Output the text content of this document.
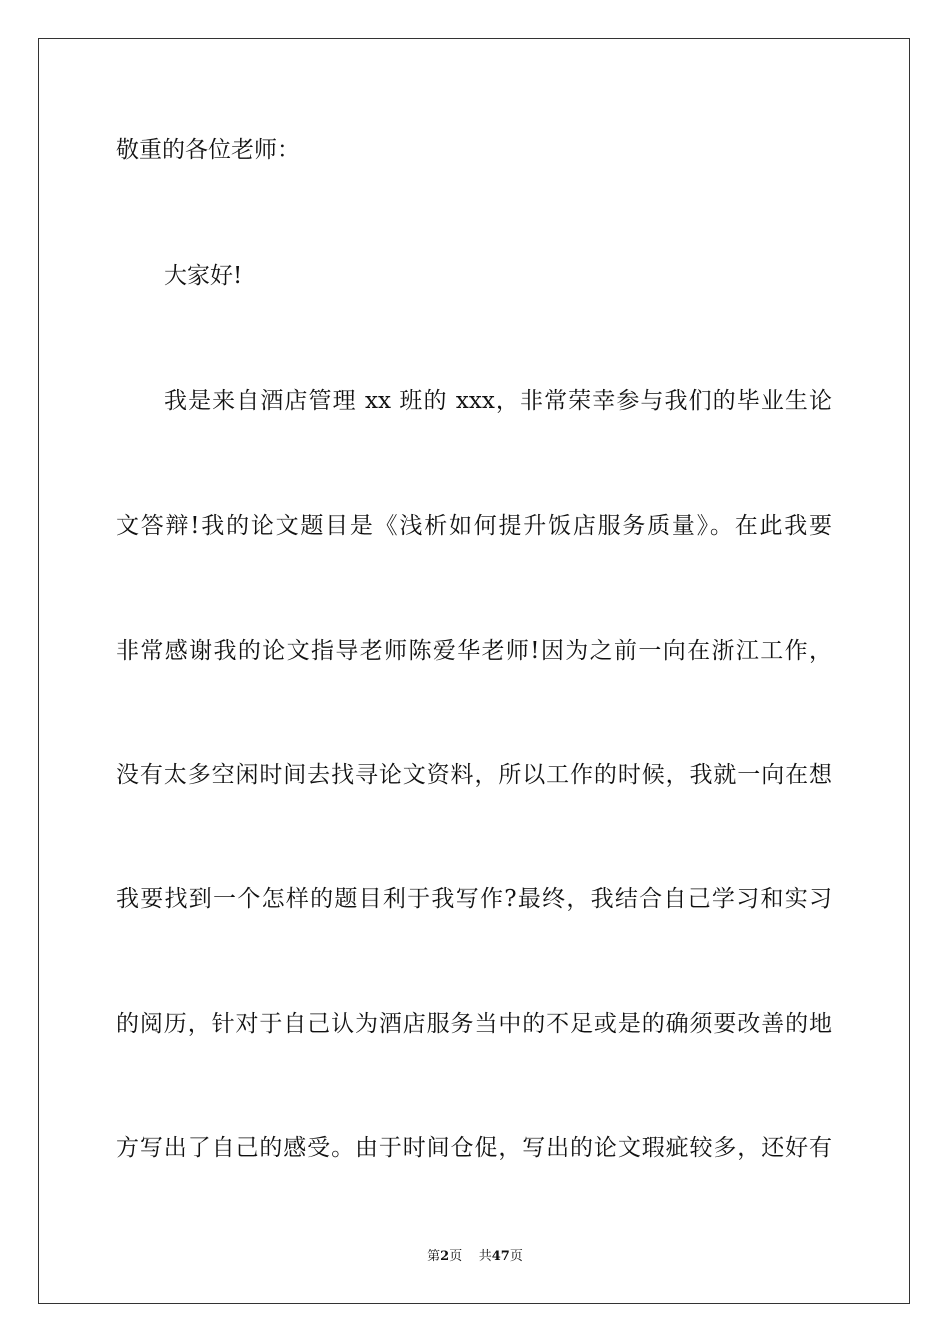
敬重的各位老师：
大家好!
我是来自酒店管理 xx 班的 xxx，非常荣幸参与我们的毕业生论
文答辩!我的论文题目是《浅析如何提升饭店服务质量》。在此我要
非常感谢我的论文指导老师陈爱华老师!因为之前一向在浙江工作，
没有太多空闲时间去找寻论文资料，所以工作的时候，我就一向在想
我要找到一个怎样的题目利于我写作?最终，我结合自己学习和实习
的阅历，针对于自己认为酒店服务当中的不足或是的确须要改善的地
方写出了自己的感受。由于时间仓促，写出的论文瑕疵较多，还好有
第2页 共47页
